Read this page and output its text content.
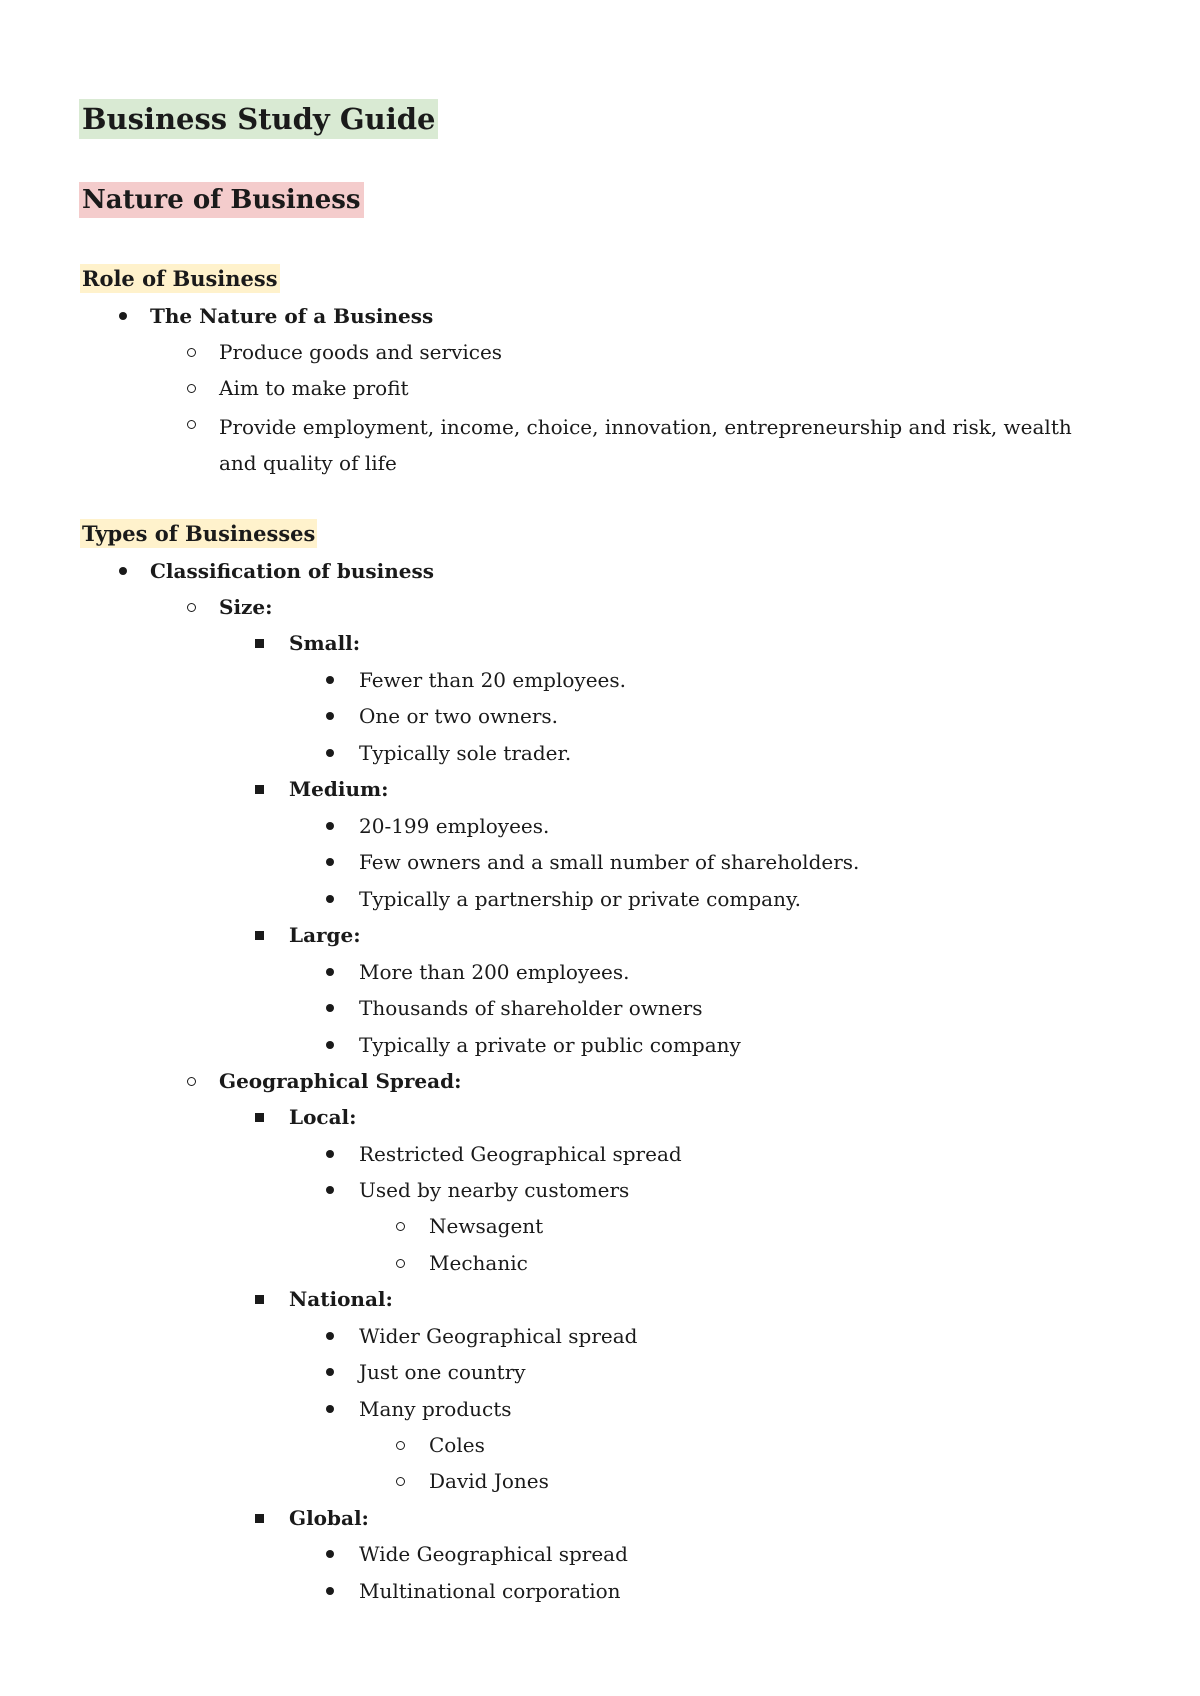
Business Study Guide
Nature of Business
Role of Business
The Nature of a Business
Produce goods and services
Aim to make profit
Provide employment, income, choice, innovation, entrepreneurship and risk, wealth and quality of life
Types of Businesses
Classification of business
Size:
Small:
Fewer than 20 employees.
One or two owners.
Typically sole trader.
Medium:
20-199 employees.
Few owners and a small number of shareholders.
Typically a partnership or private company.
Large:
More than 200 employees.
Thousands of shareholder owners
Typically a private or public company
Geographical Spread:
Local:
Restricted Geographical spread
Used by nearby customers
Newsagent
Mechanic
National:
Wider Geographical spread
Just one country
Many products
Coles
David Jones
Global:
Wide Geographical spread
Multinational corporation
